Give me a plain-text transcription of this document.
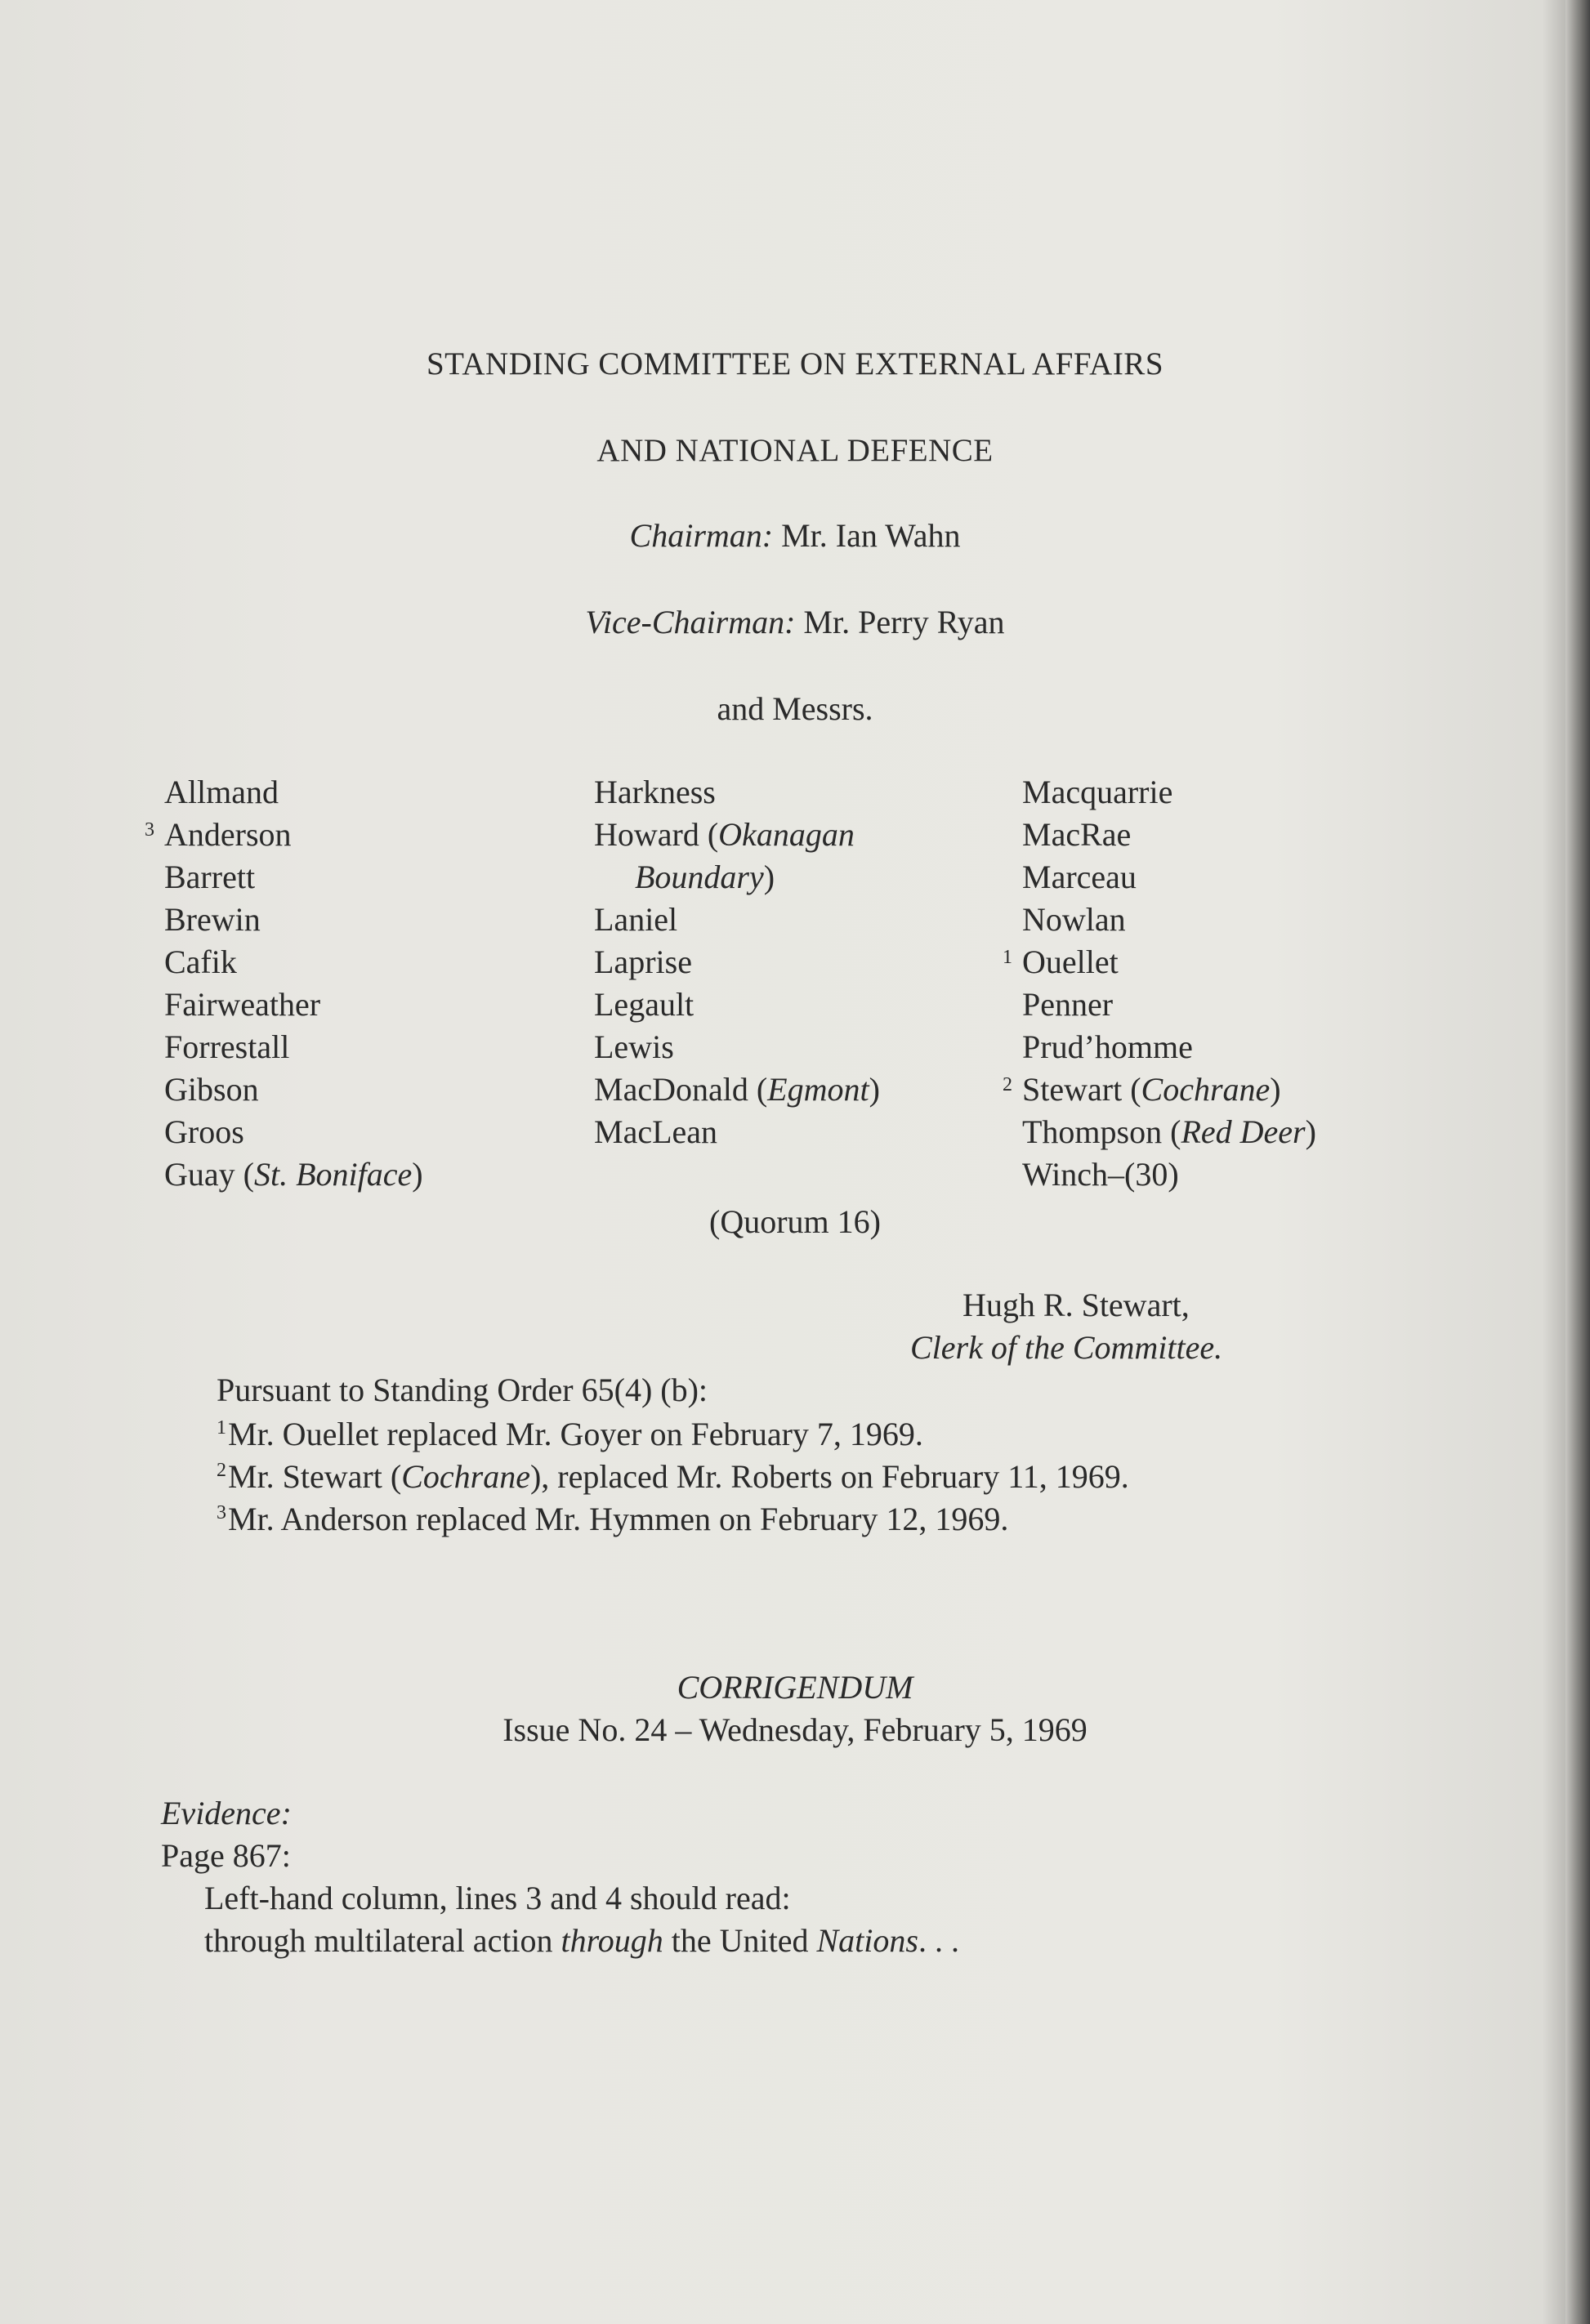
STANDING COMMITTEE ON EXTERNAL AFFAIRS
AND NATIONAL DEFENCE
Chairman: Mr. Ian Wahn
Vice-Chairman: Mr. Perry Ryan
and Messrs.
Allmand
3 Anderson
Barrett
Brewin
Cafik
Fairweather
Forrestall
Gibson
Groos
Guay (St. Boniface)
Harkness
Howard (Okanagan
Boundary)
Laniel
Laprise
Legault
Lewis
MacDonald (Egmont)
MacLean
Macquarrie
MacRae
Marceau
Nowlan
1 Ouellet
Penner
Prud’homme
2 Stewart (Cochrane)
Thompson (Red Deer)
Winch–(30)
(Quorum 16)
Hugh R. Stewart,
Clerk of the Committee.
Pursuant to Standing Order 65(4) (b):
$^1$Mr. Ouellet replaced Mr. Goyer on February 7, 1969.
$^2$Mr. Stewart (Cochrane), replaced Mr. Roberts on February 11, 1969.
$^3$Mr. Anderson replaced Mr. Hymmen on February 12, 1969.
CORRIGENDUM
Issue No. 24 – Wednesday, February 5, 1969
Evidence:
Page 867:
Left-hand column, lines 3 and 4 should read:
through multilateral action through the United Nations. . .
